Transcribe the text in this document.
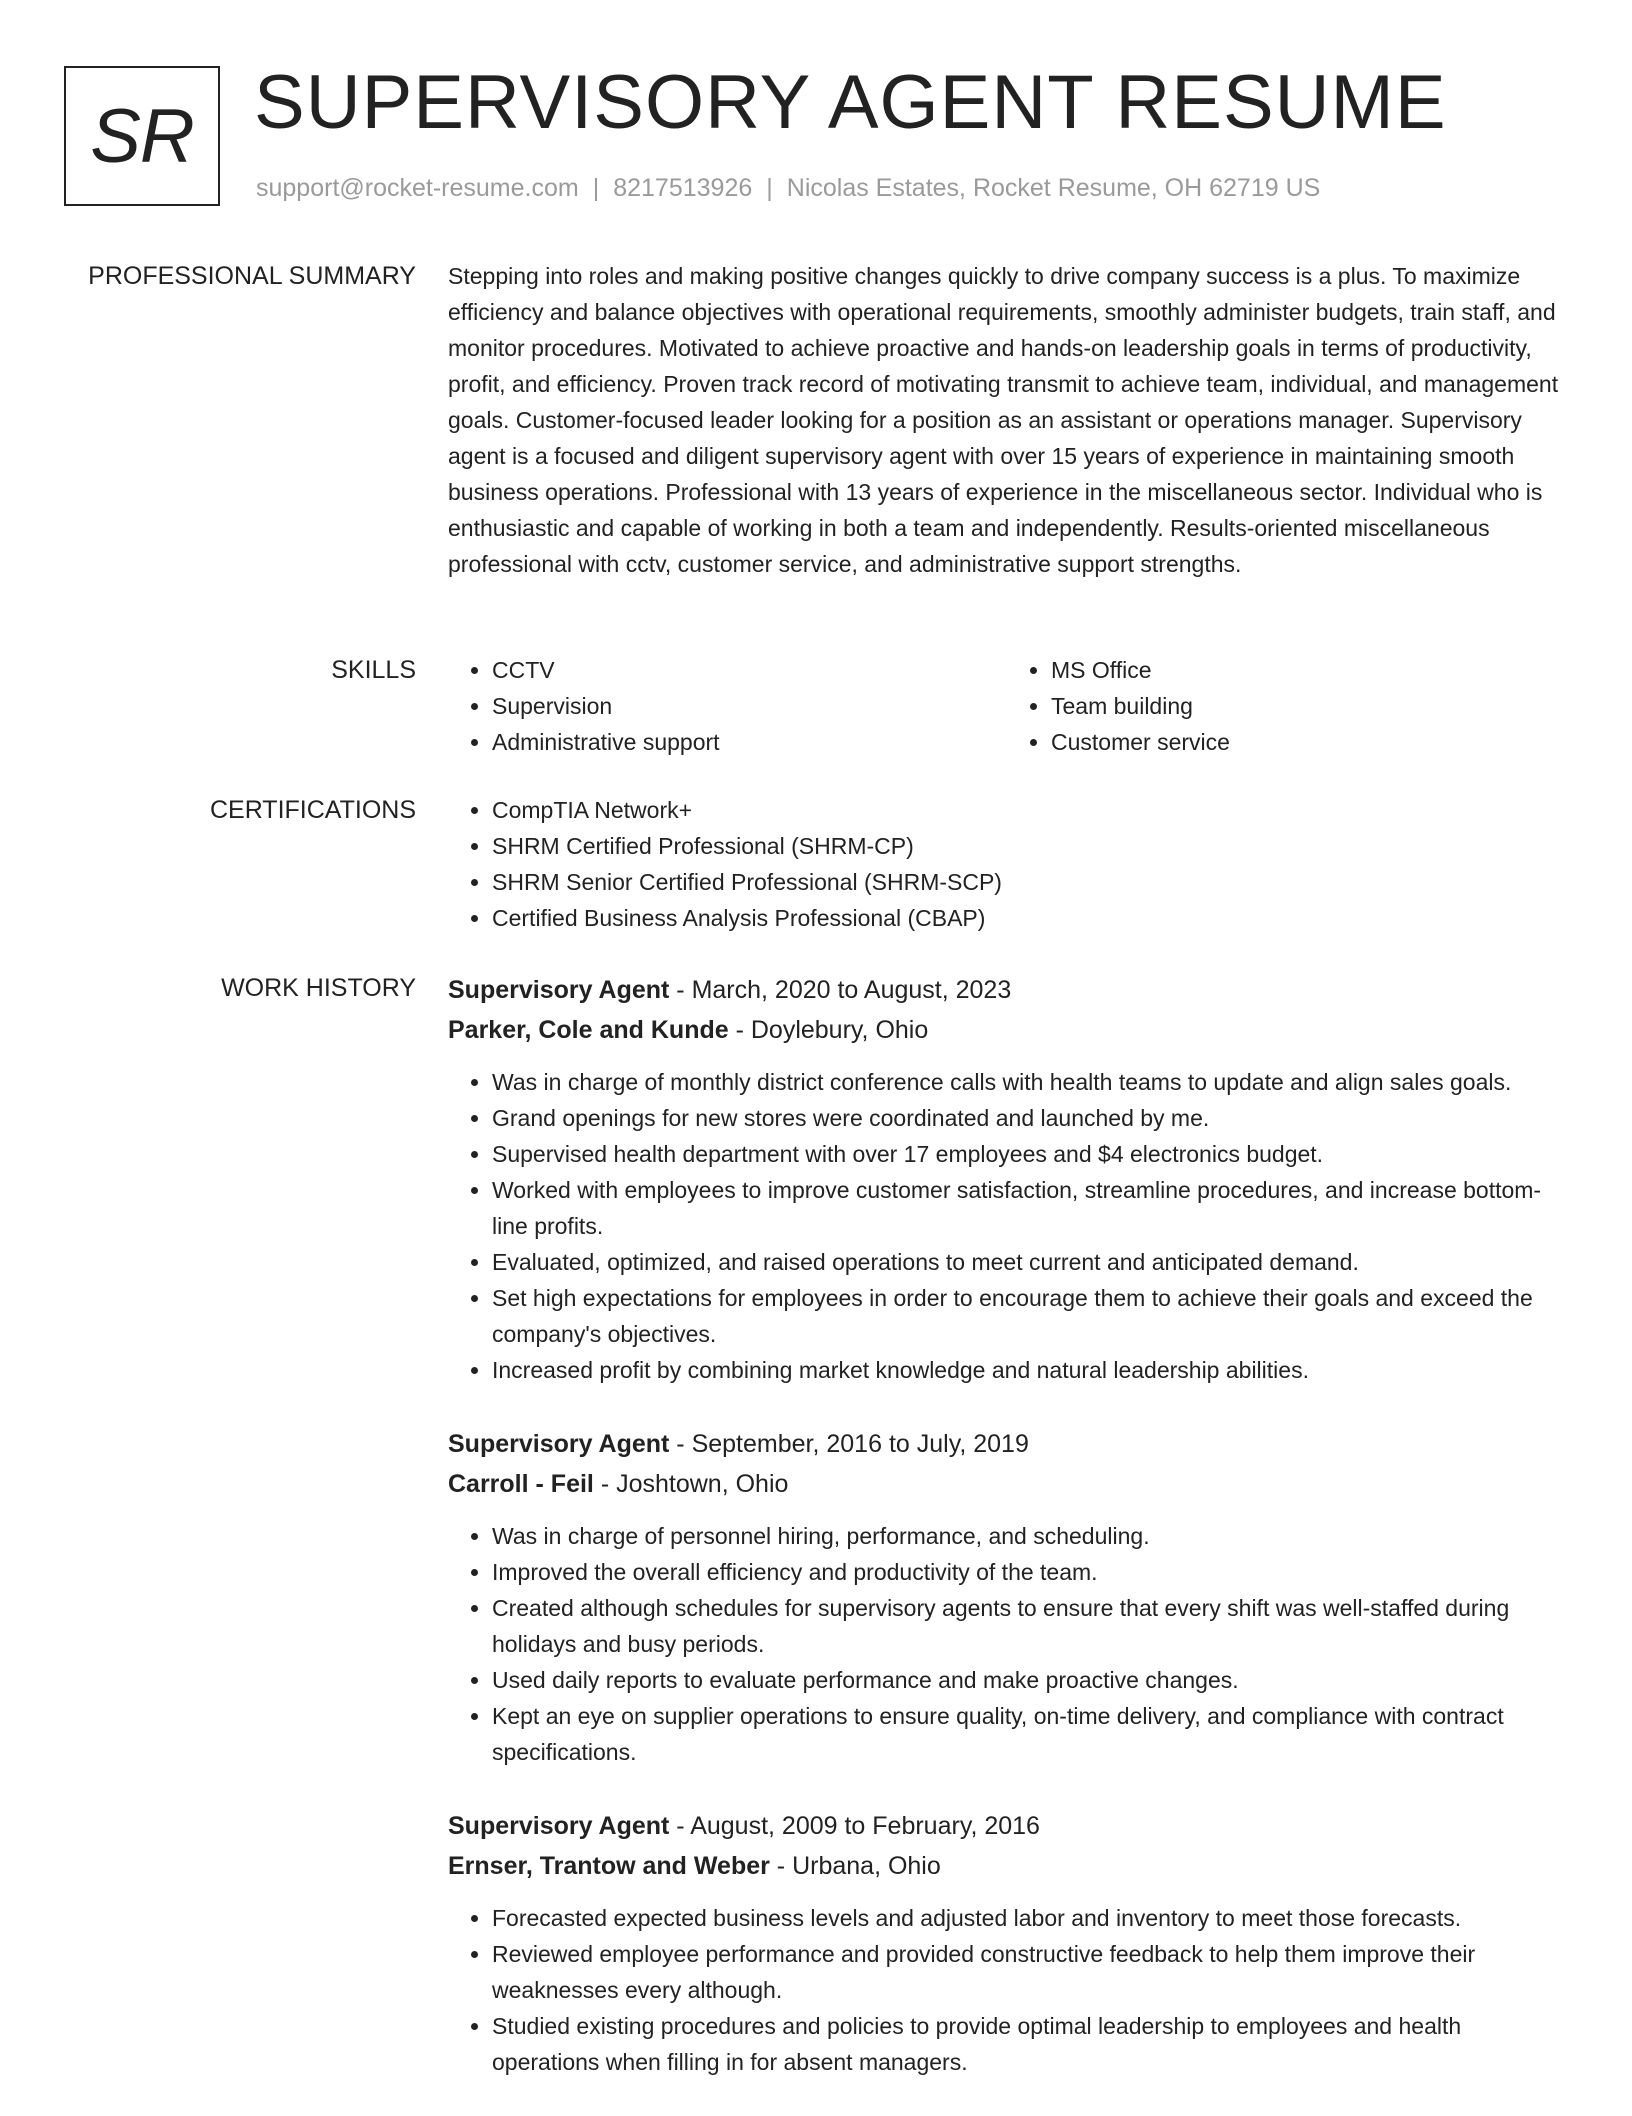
SR SUPERVISORY AGENT RESUME
support@rocket-resume.com | 8217513926 | Nicolas Estates, Rocket Resume, OH 62719 US
PROFESSIONAL SUMMARY Stepping into roles and making positive changes quickly to drive company success is a plus. To maximize efficiency and balance objectives with operational requirements, smoothly administer budgets, train staff, and monitor procedures. Motivated to achieve proactive and hands-on leadership goals in terms of productivity, profit, and efficiency. Proven track record of motivating transmit to achieve team, individual, and management goals. Customer-focused leader looking for a position as an assistant or operations manager. Supervisory agent is a focused and diligent supervisory agent with over 15 years of experience in maintaining smooth business operations. Professional with 13 years of experience in the miscellaneous sector. Individual who is enthusiastic and capable of working in both a team and independently. Results-oriented miscellaneous professional with cctv, customer service, and administrative support strengths.

SKILLS	• CCTV
• Supervision
• Administrative support
• MS Office
• Team building
• Customer service
CERTIFICATIONS	• CompTIA Network+
• SHRM Certified Professional (SHRM-CP)
• SHRM Senior Certified Professional (SHRM-SCP)
• Certified Business Analysis Professional (CBAP)
WORK HISTORY Supervisory Agent - March, 2020 to August, 2023
Parker, Cole and Kunde - Doylebury, Ohio
• Was in charge of monthly district conference calls with health teams to update and align sales goals.
• Grand openings for new stores were coordinated and launched by me.
• Supervised health department with over 17 employees and $4 electronics budget.
• Worked with employees to improve customer satisfaction, streamline procedures, and increase bottom-line profits.
• Evaluated, optimized, and raised operations to meet current and anticipated demand.
• Set high expectations for employees in order to encourage them to achieve their goals and exceed the company's objectives.
• Increased profit by combining market knowledge and natural leadership abilities.
Supervisory Agent - September, 2016 to July, 2019
Carroll - Feil - Joshtown, Ohio
• Was in charge of personnel hiring, performance, and scheduling.
• Improved the overall efficiency and productivity of the team.
• Created although schedules for supervisory agents to ensure that every shift was well-staffed during holidays and busy periods.
• Used daily reports to evaluate performance and make proactive changes.
• Kept an eye on supplier operations to ensure quality, on-time delivery, and compliance with contract specifications.
Supervisory Agent - August, 2009 to February, 2016
Ernser, Trantow and Weber - Urbana, Ohio
• Forecasted expected business levels and adjusted labor and inventory to meet those forecasts.
• Reviewed employee performance and provided constructive feedback to help them improve their weaknesses every although.
• Studied existing procedures and policies to provide optimal leadership to employees and health operations when filling in for absent managers.
